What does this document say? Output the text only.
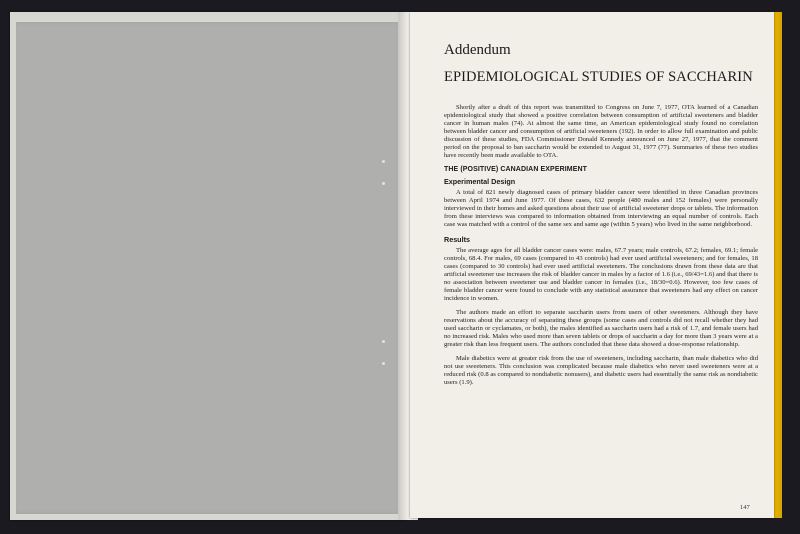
Addendum
EPIDEMIOLOGICAL STUDIES OF SACCHARIN

Shortly after a draft of this report was transmitted to Congress on June 7, 1977, OTA learned of a Canadian epidemiological study that showed a positive correlation between consumption of artificial sweeteners and bladder cancer in human males (74). At almost the same time, an American epidemiological study found no correlation between bladder cancer and consumption of artificial sweeteners (192). In order to allow full examination and public discussion of these studies, FDA Commissioner Donald Kennedy announced on June 27, 1977, that the comment period on the proposal to ban saccharin would be extended to August 31, 1977 (77). Summaries of these two studies have recently been made available to OTA.

THE (POSITIVE) CANADIAN EXPERIMENT
Experimental Design

A total of 821 newly diagnosed cases of primary bladder cancer were identified in three Canadian provinces between April 1974 and June 1977. Of these cases, 632 people (480 males and 152 females) were personally interviewed in their homes and asked questions about their use of artificial sweetener drops or tablets. The information from these interviews was compared to information obtained from interviewing an equal number of controls. Each case was matched with a control of the same sex and same age (within 5 years) who lived in the same neighborhood.

Results

The average ages for all bladder cancer cases were: males, 67.7 years; male controls, 67.2; females, 69.1; female controls, 68.4. For males, 69 cases (compared to 43 controls) had ever used artificial sweeteners; and for females, 18 cases (compared to 30 controls) had ever used artificial sweeteners. The conclusions drawn from these data are that artificial sweetener use increases the risk of bladder cancer in males by a factor of 1.6 (i.e., 69/43=1.6) and that there is no association between sweetener use and bladder cancer in females (i.e., 18/30=0.6). However, too few cases of female bladder cancer were found to conclude with any statistical assurance that sweeteners had any effect on cancer incidence in women.

The authors made an effort to separate saccharin users from users of other sweeteners. Although they have reservations about the accuracy of separating these groups (some cases and controls did not recall whether they had used saccharin or cyclamates, or both), the males identified as saccharin users had a risk of 1.7, and female users had no increased risk. Males who used more than seven tablets or drops of saccharin a day for more than 3 years were at a greater risk than less frequent users. The authors concluded that these data showed a dose-response relationship.

Male diabetics were at greater risk from the use of sweeteners, including saccharin, than male diabetics who did not use sweeteners. This conclusion was complicated because male diabetics who never used sweeteners were at a reduced risk (0.8 as compared to nondiabetic nonusers), and diabetic users had essentially the same risk as nondiabetic users (1.9).

147
